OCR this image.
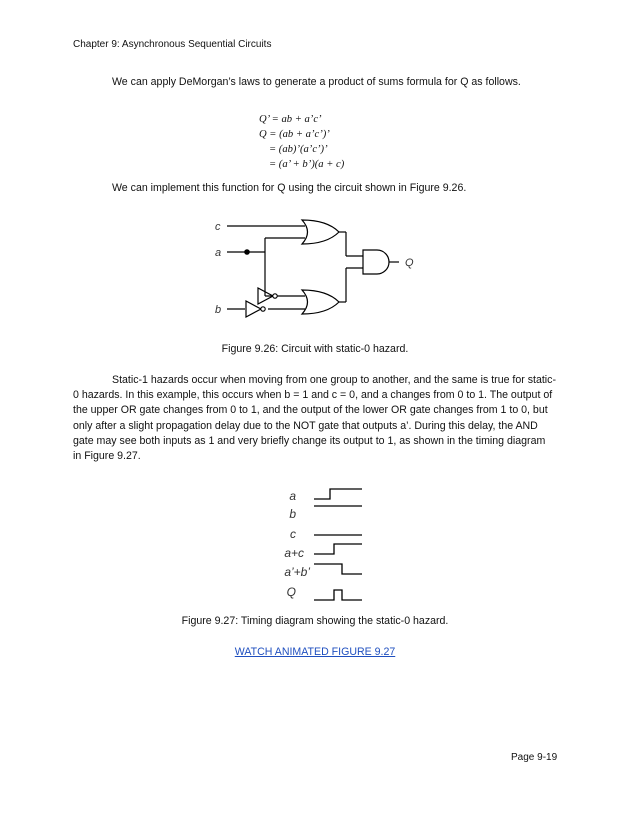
Chapter 9: Asynchronous Sequential Circuits
We can apply DeMorgan’s laws to generate a product of sums formula for Q as follows.
Q’ = ab + a’c’
Q = (ab + a’c’)’
= (ab)’(a’c’)’
= (a’ + b’)(a + c)
We can implement this function for Q using the circuit shown in Figure 9.26.
c
a
b
Q
Figure 9.26: Circuit with static-0 hazard.
Static-1 hazards occur when moving from one group to another, and the same is true for static-0 hazards. In this example, this occurs when b = 1 and c = 0, and a changes from 0 to 1. The output of the upper OR gate changes from 0 to 1, and the output of the lower OR gate changes from 1 to 0, but only after a slight propagation delay due to the NOT gate that outputs a’. During this delay, the AND gate may see both inputs as 1 and very briefly change its output to 1, as shown in the timing diagram in Figure 9.27.
a
b
c
a+c
a’+b’
Q
Figure 9.27: Timing diagram showing the static-0 hazard.
WATCH ANIMATED FIGURE 9.27
Page 9-19
